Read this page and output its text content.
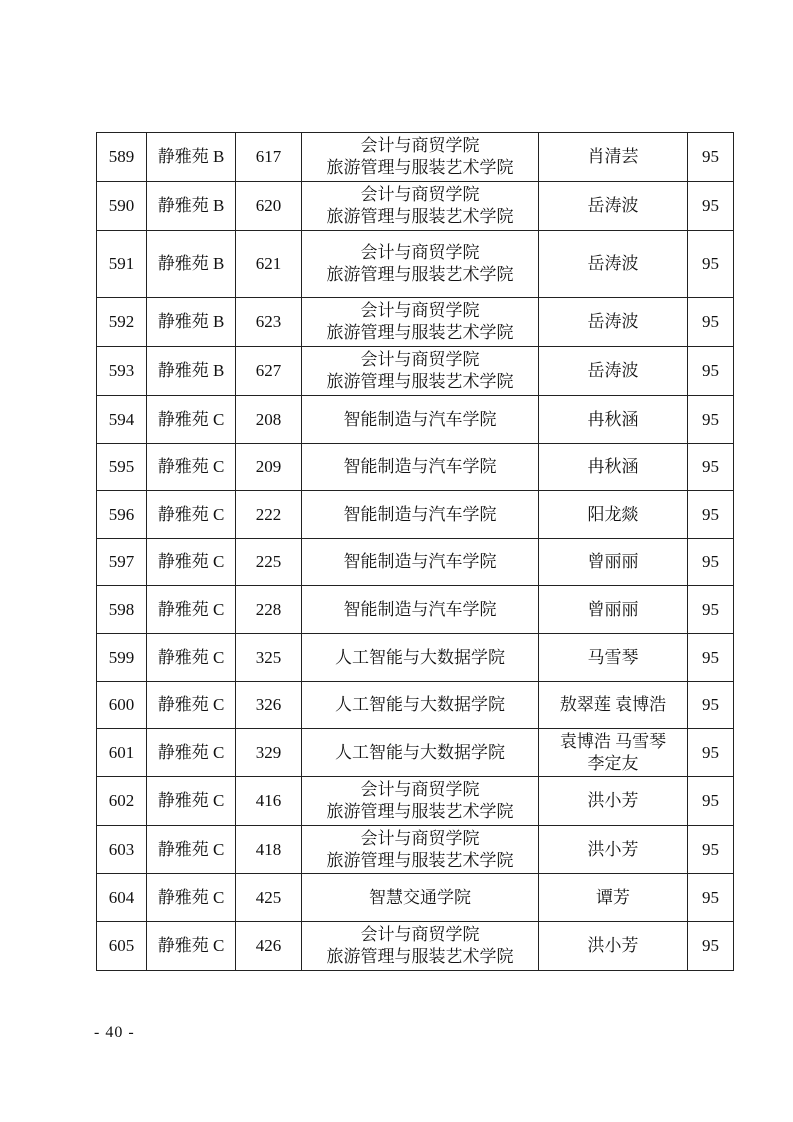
589	静雅苑 B	617	会计与商贸学院
旅游管理与服装艺术学院	肖清芸	95
590	静雅苑 B	620	会计与商贸学院
旅游管理与服装艺术学院	岳涛波	95
591	静雅苑 B	621	会计与商贸学院
旅游管理与服装艺术学院	岳涛波	95
592	静雅苑 B	623	会计与商贸学院
旅游管理与服装艺术学院	岳涛波	95
593	静雅苑 B	627	会计与商贸学院
旅游管理与服装艺术学院	岳涛波	95
594	静雅苑 C	208	智能制造与汽车学院	冉秋涵	95
595	静雅苑 C	209	智能制造与汽车学院	冉秋涵	95
596	静雅苑 C	222	智能制造与汽车学院	阳龙燚	95
597	静雅苑 C	225	智能制造与汽车学院	曾丽丽	95
598	静雅苑 C	228	智能制造与汽车学院	曾丽丽	95
599	静雅苑 C	325	人工智能与大数据学院	马雪琴	95
600	静雅苑 C	326	人工智能与大数据学院	敖翠莲 袁博浩	95
601	静雅苑 C	329	人工智能与大数据学院	袁博浩 马雪琴
李定友	95
602	静雅苑 C	416	会计与商贸学院
旅游管理与服装艺术学院	洪小芳	95
603	静雅苑 C	418	会计与商贸学院
旅游管理与服装艺术学院	洪小芳	95
604	静雅苑 C	425	智慧交通学院	谭芳	95
605	静雅苑 C	426	会计与商贸学院
旅游管理与服装艺术学院	洪小芳	95
- 40 -
